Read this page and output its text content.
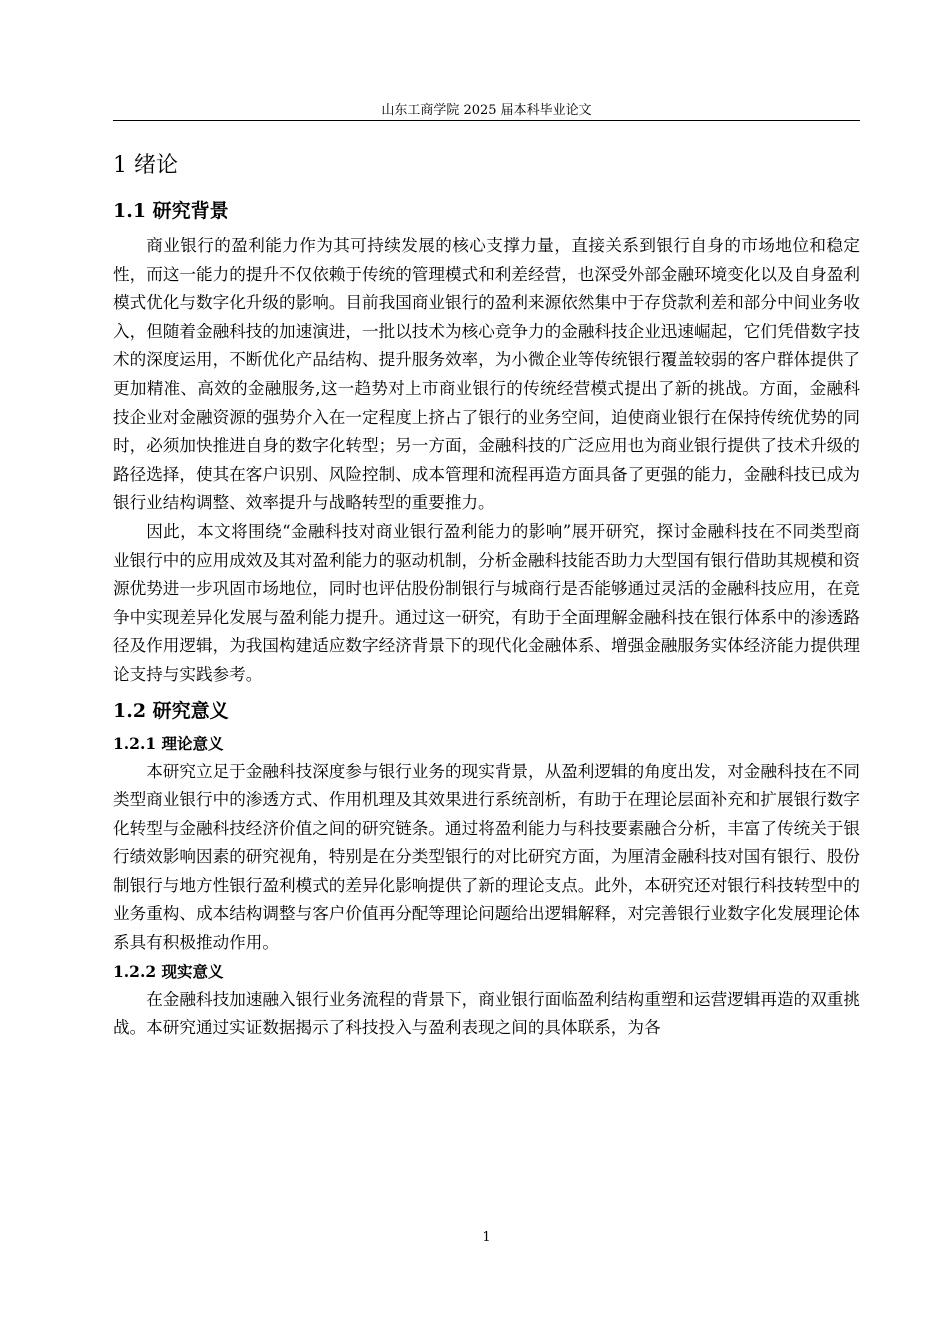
山东工商学院 2025 届本科毕业论文
1 绪论
1.1 研究背景

商业银行的盈利能力作为其可持续发展的核心支撑力量，直接关系到银行自身的市场地位和稳定性，而这一能力的提升不仅依赖于传统的管理模式和利差经营，也深受外部金融环境变化以及自身盈利模式优化与数字化升级的影响。目前我国商业银行的盈利来源依然集中于存贷款利差和部分中间业务收入，但随着金融科技的加速演进，一批以技术为核心竞争力的金融科技企业迅速崛起，它们凭借数字技术的深度运用，不断优化产品结构、提升服务效率，为小微企业等传统银行覆盖较弱的客户群体提供了更加精准、高效的金融服务,这一趋势对上市商业银行的传统经营模式提出了新的挑战。方面，金融科技企业对金融资源的强势介入在一定程度上挤占了银行的业务空间，迫使商业银行在保持传统优势的同时，必须加快推进自身的数字化转型；另一方面，金融科技的广泛应用也为商业银行提供了技术升级的路径选择，使其在客户识别、风险控制、成本管理和流程再造方面具备了更强的能力，金融科技已成为银行业结构调整、效率提升与战略转型的重要推力。

因此，本文将围绕“金融科技对商业银行盈利能力的影响”展开研究，探讨金融科技在不同类型商业银行中的应用成效及其对盈利能力的驱动机制，分析金融科技能否助力大型国有银行借助其规模和资源优势进一步巩固市场地位，同时也评估股份制银行与城商行是否能够通过灵活的金融科技应用，在竞争中实现差异化发展与盈利能力提升。通过这一研究，有助于全面理解金融科技在银行体系中的渗透路径及作用逻辑，为我国构建适应数字经济背景下的现代化金融体系、增强金融服务实体经济能力提供理论支持与实践参考。

1.2 研究意义
1.2.1 理论意义

本研究立足于金融科技深度参与银行业务的现实背景，从盈利逻辑的角度出发，对金融科技在不同类型商业银行中的渗透方式、作用机理及其效果进行系统剖析，有助于在理论层面补充和扩展银行数字化转型与金融科技经济价值之间的研究链条。通过将盈利能力与科技要素融合分析，丰富了传统关于银行绩效影响因素的研究视角，特别是在分类型银行的对比研究方面，为厘清金融科技对国有银行、股份制银行与地方性银行盈利模式的差异化影响提供了新的理论支点。此外，本研究还对银行科技转型中的业务重构、成本结构调整与客户价值再分配等理论问题给出逻辑解释，对完善银行业数字化发展理论体系具有积极推动作用。

1.2.2 现实意义

在金融科技加速融入银行业务流程的背景下，商业银行面临盈利结构重塑和运营逻辑再造的双重挑战。本研究通过实证数据揭示了科技投入与盈利表现之间的具体联系，为各

1
